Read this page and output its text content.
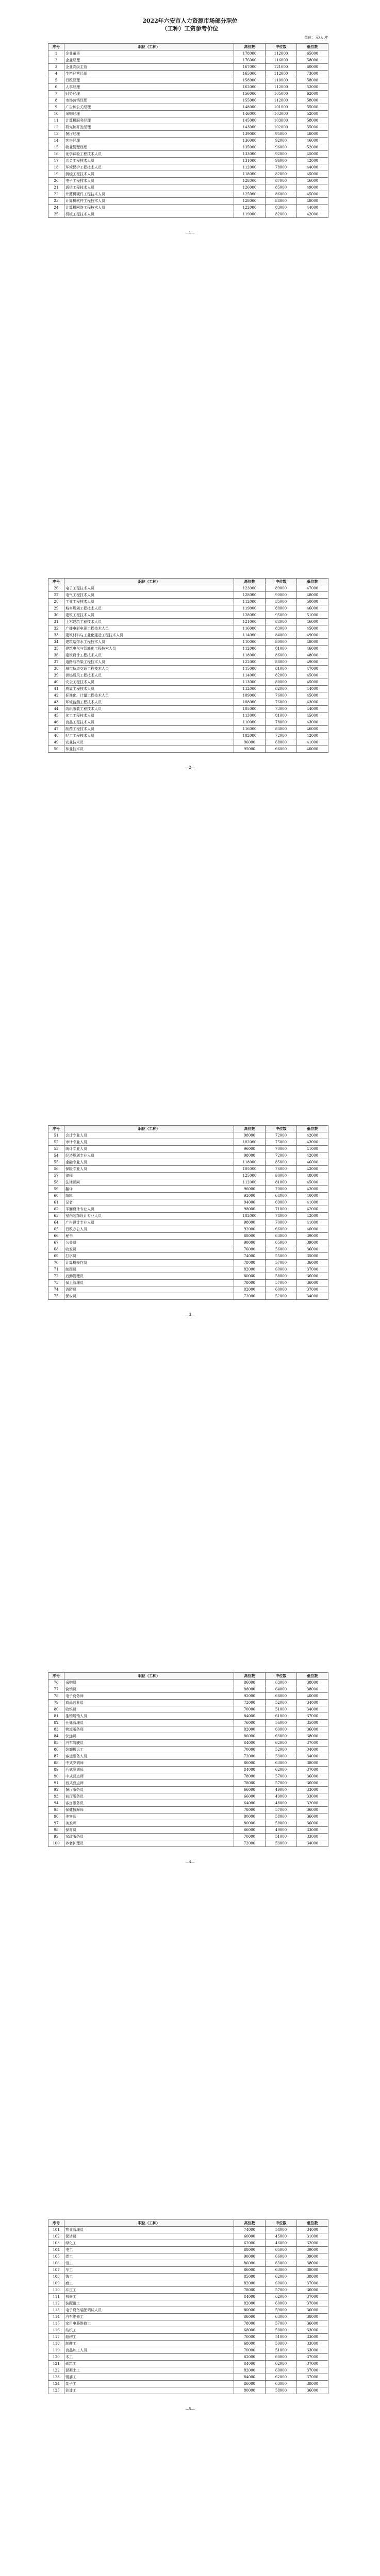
2022年六安市人力资源市场部分职位
（工种）工资参考价位
单位：元/人.年
序号	职位（工种）	高位数	中位数	低位数
1	企业董事	178000	112000	65000
2	企业经理	176000	116000	58000
3	企业高级主管	167000	121000	60000
4	生产经营经理	165000	112000	73000
5	行政经理	158000	110000	58000
6	人事经理	162000	112000	52000
7	财务经理	156000	105000	62000
8	市场营销经理	155000	112000	58000
9	广告和公关经理	148000	101000	55000
10	采购经理	146000	103000	52000
11	计算机服务经理	145000	103000	58000
12	研究和开发经理	143000	102000	55000
13	餐厅经理	139000	95000	48000
14	客房经理	136000	92000	46000
15	物业管理经理	135000	96000	52000
16	化学试验工程技术人员	133000	92000	45000
17	冶金工程技术人员	131000	96000	42000
18	环境保护工程技术人员	112000	78000	44000
19	测绘工程技术人员	118000	82000	45000
20	电子工程技术人员	128000	87000	46000
21	通信工程技术人员	126000	85000	49000
22	计算机硬件工程技术人员	125000	86000	45000
23	计算机软件工程技术人员	128000	88000	48000
24	计算机网络工程技术人员	122000	83000	44000
25	机械工程技术人员	119000	82000	42000
—1—
序号	职位（工种）	高位数	中位数	低位数
26	电子工程技术人员	123000	89000	47000
27	电气工程技术人员	128000	90000	48000
28	工业工程技术人员	112000	85000	50000
29	城乡规划工程技术人员	119000	88000	46000
30	建筑工程技术人员	128000	95000	51000
31	土木建筑工程技术人员	121000	88000	46000
32	广播电影电视工程技术人员	116000	83000	45000
33	建筑材料与工业化建造工程技术人员	114000	84000	49000
34	建筑给排水工程技术人员	110000	80000	48000
35	建筑电气与智能化工程技术人员	112000	81000	46000
36	建筑设计工程技术人员	118000	86000	48000
37	道路与桥梁工程技术人员	122000	88000	49000
38	城市轨道交通工程技术人员	115000	81000	47000
39	供热通风工程技术人员	114000	82000	45000
40	安全工程技术人员	113000	80000	45000
41	质量工程技术人员	112000	82000	44000
42	标准化、计量工程技术人员	109000	76000	45000
43	环境监测工程技术人员	108000	76000	43000
44	纺织服装工程技术人员	105000	73000	44000
45	化工工程技术人员	113000	81000	45000
46	食品工程技术人员	110000	78000	43000
47	制药工程技术人员	116000	83000	46000
48	轻工工程技术人员	102000	72000	42000
49	农业技术员	96000	68000	41000
50	林业技术员	95000	66000	40000
—2—
序号	职位（工种）	高位数	中位数	低位数
51	会计专业人员	98000	72000	42000
52	审计专业人员	102000	75000	43000
53	统计专业人员	96000	70000	41000
54	经济规划专业人员	98000	72000	42000
55	金融专业人员	118000	85000	46000
56	保险专业人员	105000	76000	42000
57	律师	125000	90000	48000
58	法律顾问	112000	81000	45000
59	翻译	96000	70000	42000
60	编辑	92000	68000	40000
61	记者	94000	69000	41000
62	平面设计专业人员	98000	71000	42000
63	室内装饰设计专业人员	102000	74000	42000
64	广告设计专业人员	98000	70000	41000
65	行政办公人员	92000	66000	40000
66	秘书	88000	63000	39000
67	公关员	90000	65000	39000
68	收发员	76000	56000	36000
69	打字员	74000	55000	35000
70	计算机操作员	78000	57000	36000
71	制图员	82000	60000	37000
72	后勤管理员	80000	58000	36000
73	保卫管理员	78000	57000	36000
74	消防员	82000	60000	37000
75	保安员	72000	52000	34000
—3—
序号	职位（工种）	高位数	中位数	低位数
76	采购员	86000	63000	38000
77	营销员	88000	64000	38000
78	电子商务师	92000	68000	40000
79	商品营业员	72000	52000	34000
80	收银员	70000	51000	34000
81	推销展销人员	84000	61000	37000
82	仓储管理员	76000	56000	35000
83	物流服务师	82000	60000	36000
84	快递员	86000	63000	38000
85	汽车驾驶员	84000	62000	37000
86	装卸搬运工	70000	52000	34000
87	客运服务人员	72000	53000	34000
88	中式烹调师	86000	63000	38000
89	西式烹调师	84000	62000	37000
90	中式面点师	78000	57000	36000
91	西式面点师	78000	57000	36000
92	餐厅服务员	66000	49000	33000
93	前厅服务员	66000	49000	33000
94	客房服务员	64000	48000	32000
95	保健按摩师	78000	57000	36000
96	美容师	80000	58000	36000
97	美发师	80000	58000	36000
98	保育员	66000	49000	33000
99	家政服务员	70000	51000	33000
100	养老护理员	72000	53000	34000
—4—
序号	职位（工种）	高位数	中位数	低位数
101	物业管理员	74000	54000	34000
102	保洁员	60000	45000	31000
103	绿化工	62000	46000	32000
104	电工	88000	65000	39000
105	焊工	90000	66000	39000
106	钳工	86000	63000	38000
107	车工	86000	63000	38000
108	铣工	85000	62000	38000
109	磨工	82000	60000	37000
110	冲压工	78000	57000	36000
111	机修工	84000	62000	37000
112	装配钳工	82000	60000	37000
113	电子设备装配调试人员	80000	59000	36000
114	汽车维修工	86000	63000	38000
115	家用电器维修工	78000	57000	36000
116	纺织工	68000	50000	33000
117	缝纫工	70000	51000	33000
118	制鞋工	68000	50000	33000
119	食品加工人员	70000	51000	33000
120	木工	82000	60000	37000
121	砌筑工	84000	62000	37000
122	混凝土工	82000	60000	37000
123	钢筋工	84000	62000	37000
124	架子工	86000	63000	38000
125	油漆工	80000	58000	36000
—5—
